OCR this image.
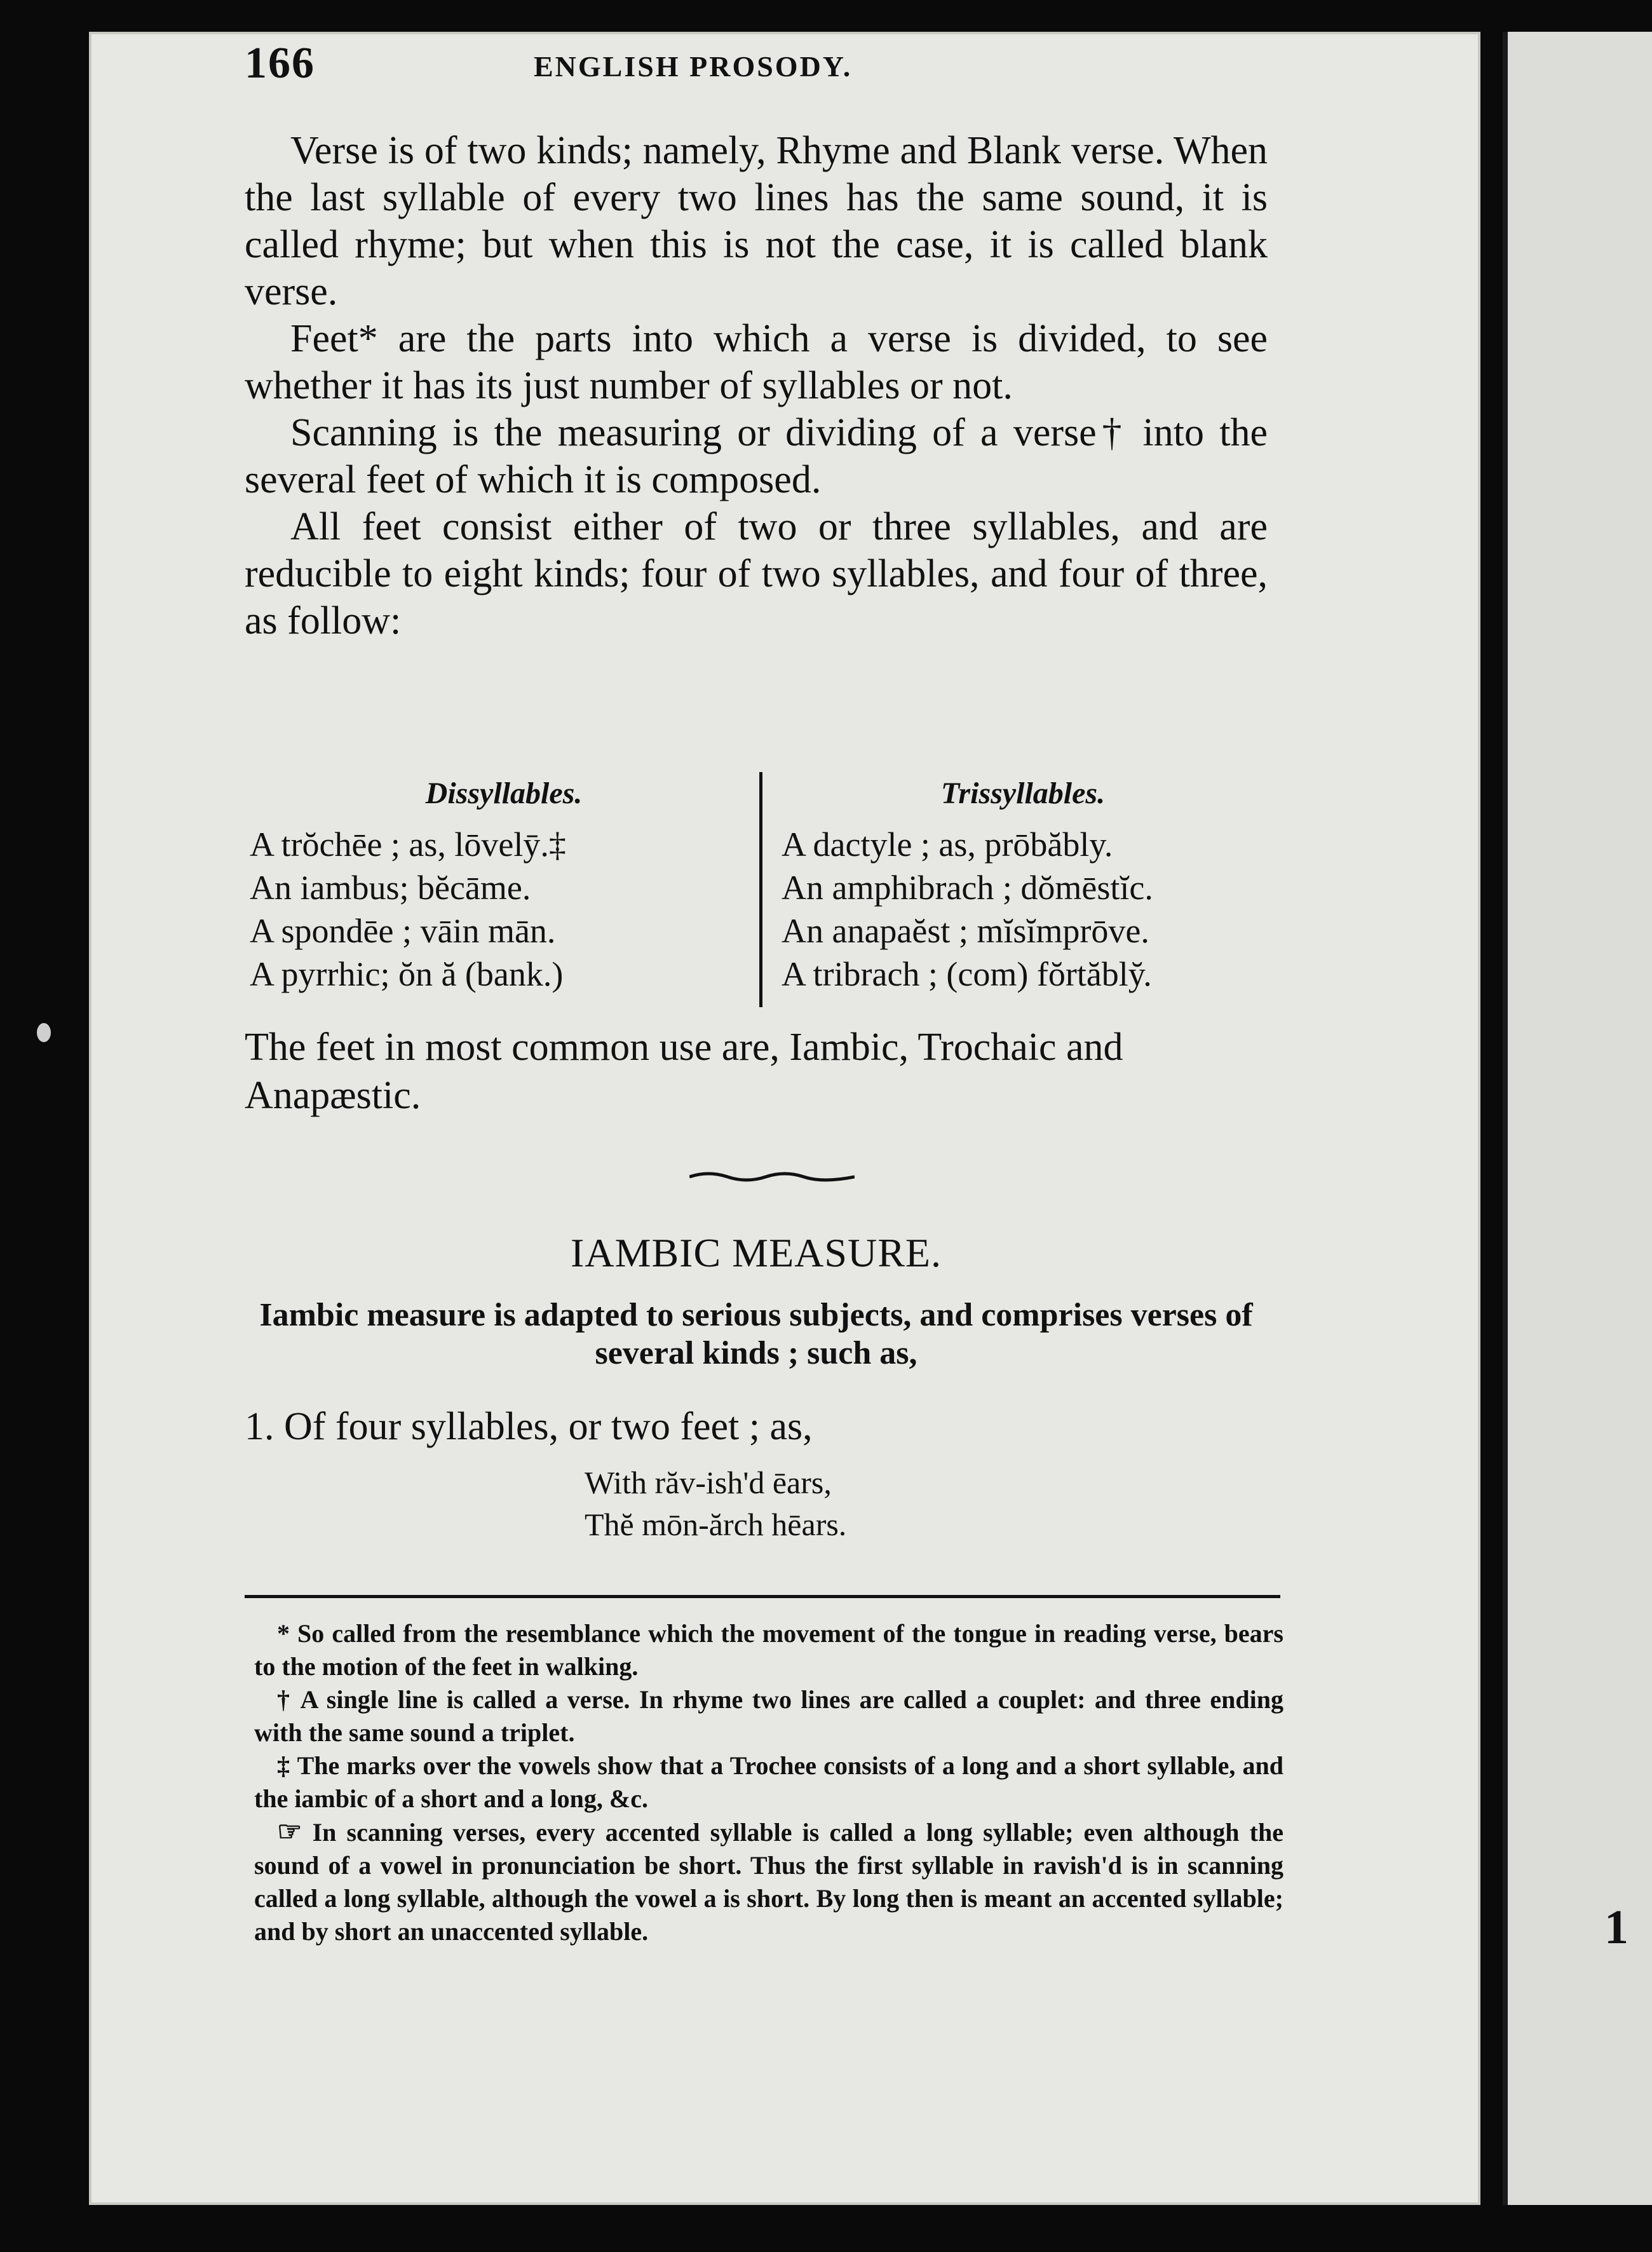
1
166	ENGLISH PROSODY.

Verse is of two kinds; namely, Rhyme and Blank verse. When the last syllable of every two lines has the same sound, it is called rhyme; but when this is not the case, it is called blank verse.

Feet* are the parts into which a verse is divided, to see whether it has its just number of syllables or not.

Scanning is the measuring or dividing of a verse† into the several feet of which it is composed.

All feet consist either of two or three syllables, and are reducible to eight kinds; four of two syllables, and four of three, as follow:

Dissyllables.
A trŏchēe ; as, lōvelȳ.‡
An iambus; bĕcāme.
A spondēe ; vāin mān.
A pyrrhic; ŏn ă (bank.)
Trissyllables.
A dactyle ; as, prōbăbly.
An amphibrach ; dŏmēstĭc.
An anapaĕst ; mĭsĭmprōve.
A tribrach ; (com) fŏrtăbly̆.
The feet in most common use are, Iambic, Trochaic and Anapæstic.
IAMBIC MEASURE.
Iambic measure is adapted to serious subjects, and comprises verses of several kinds ; such as,
1. Of four syllables, or two feet ; as,
With răv-ish'd ēars,
Thĕ mōn-ărch hēars.

* So called from the resemblance which the movement of the tongue in reading verse, bears to the motion of the feet in walking.

† A single line is called a verse. In rhyme two lines are called a couplet: and three ending with the same sound a triplet.

‡ The marks over the vowels show that a Trochee consists of a long and a short syllable, and the iambic of a short and a long, &c.

☞ In scanning verses, every accented syllable is called a long syllable; even although the sound of a vowel in pronunciation be short. Thus the first syllable in ravish'd is in scanning called a long syllable, although the vowel a is short. By long then is meant an accented syllable; and by short an unaccented syllable.
